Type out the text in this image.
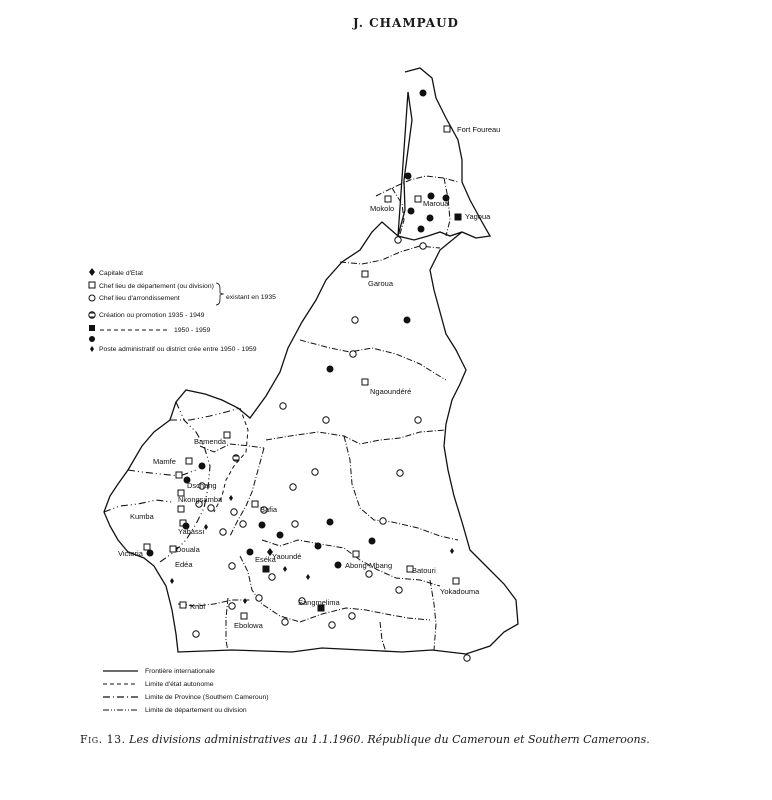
J. CHAMPAUD
Fort Foureau
Mokolo
Maroua
Yagoua
Garoua
Ngaoundéré
Bamenda
Mamfe
Dschang
Nkongsamba
Kumba
Bafia
Yabassi
Victoria	Douala
Edéa
Eséka
Yaoundé
Abong-Mbang
Batouri
Yokadouma
Sangmelima
Ebolowa
Kribi
Capitale d'Etat
Chef lieu de département (ou division)
Chef lieu d'arrondissement	existant en 1935
Création ou promotion 1935 - 1949
1950 - 1959
Poste administratif ou district crée entre 1950 - 1959
Frontière internationale
Limite d'état autonome
Limite de Province (Southern Cameroun)
Limite de département ou division
Fig. 13. Les divisions administratives au 1.1.1960. République du Cameroun et Southern Cameroons.
